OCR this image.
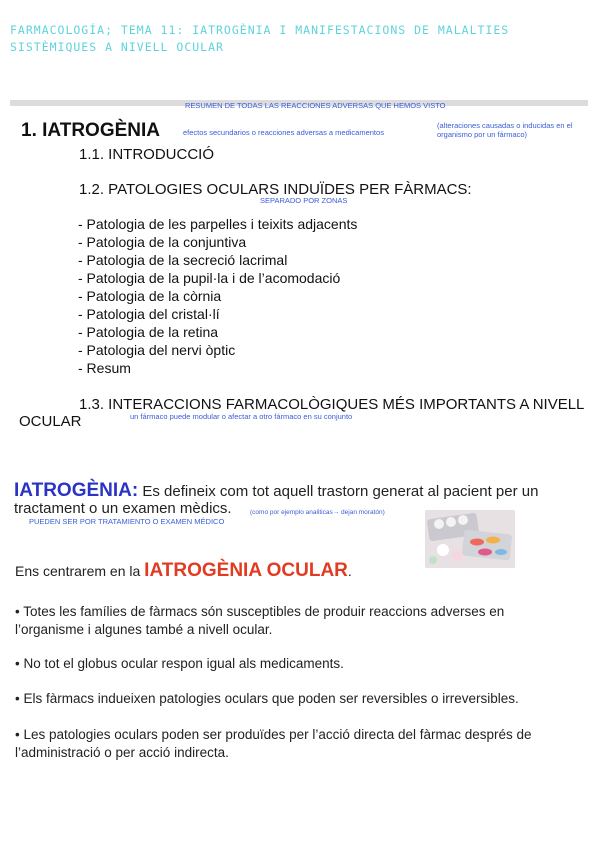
FARMACOLOGÍA; TEMA 11: IATROGÈNIA I MANIFESTACIONS DE MALALTIES SISTÈMIQUES A NIVELL OCULAR
RESUMEN DE TODAS LAS REACCIONES ADVERSAS QUE HEMOS VISTO
1. IATROGÈNIA	efectos secundarios o reacciones adversas a medicamentos
(alteraciones causadas o inducidas en el organismo por un fármaco)
1.1. INTRODUCCIÓ
1.2. PATOLOGIES OCULARS INDUÏDES PER FÀRMACS:
SEPARADO POR ZONAS
- Patologia de les parpelles i teixits adjacents
- Patologia de la conjuntiva
- Patologia de la secreció lacrimal
- Patologia de la pupil·la i de l’acomodació
- Patologia de la còrnia
- Patologia del cristal·lí
- Patologia de la retina
- Patologia del nervi òptic
- Resum
1.3. INTERACCIONS FARMACOLÒGIQUES MÉS IMPORTANTS A NIVELL
OCULAR	un fármaco puede modular o afectar a otro fármaco en su conjunto
IATROGÈNIA: Es defineix com tot aquell trastorn generat al pacient per un
tractament o un examen mèdics.	(como por ejemplo analiticas→ dejan moratón)
PUEDEN SER POR TRATAMIENTO O EXAMEN MÉDICO
Ens centrarem en la IATROGÈNIA OCULAR.
• Totes les famílies de fàrmacs són susceptibles de produir reaccions adverses en
l’organisme i algunes també a nivell ocular.
• No tot el globus ocular respon igual als medicaments.
• Els fàrmacs indueixen patologies oculars que poden ser reversibles o irreversibles.
• Les patologies oculars poden ser produïdes per l’acció directa del fàrmac després de
l’administració o per acció indirecta.
